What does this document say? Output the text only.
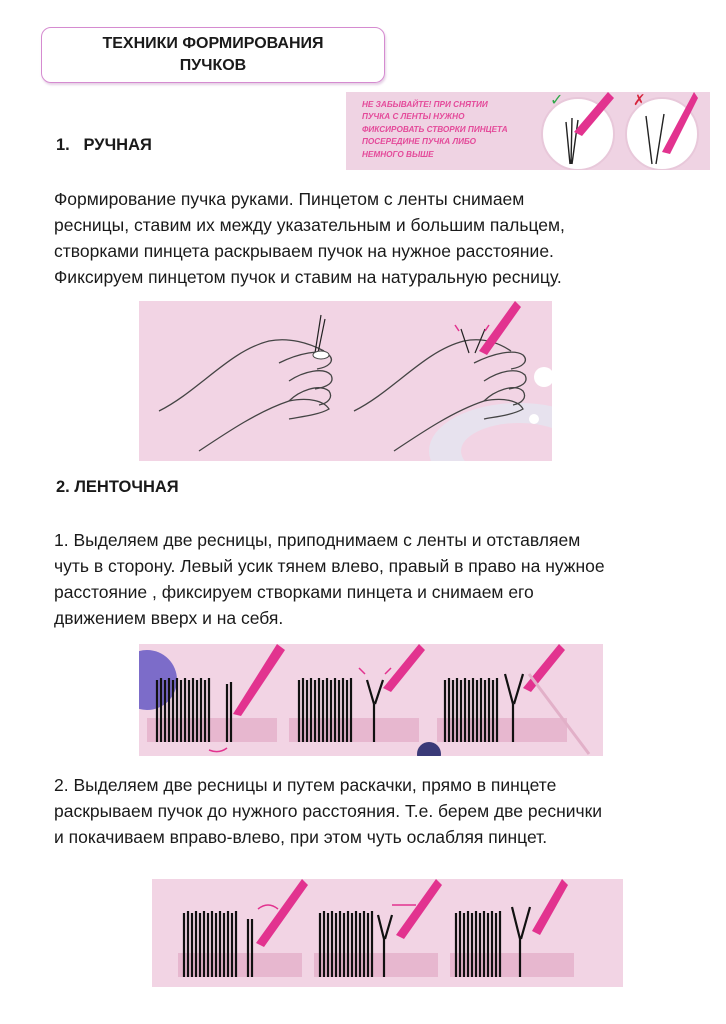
ТЕХНИКИ ФОРМИРОВАНИЯ
ПУЧКОВ
НЕ ЗАБЫВАЙТЕ! ПРИ СНЯТИИ
ПУЧКА С ЛЕНТЫ НУЖНО
ФИКСИРОВАТЬ СТВОРКИ ПИНЦЕТА
ПОСЕРЕДИНЕ ПУЧКА ЛИБО
НЕМНОГО ВЫШЕ
✓	✗
1.   РУЧНАЯ
Формирование пучка руками. Пинцетом с ленты снимаем
ресницы, ставим их между указательным и большим пальцем,
створками пинцета раскрываем пучок на нужное расстояние.
Фиксируем пинцетом пучок и ставим на натуральную ресницу.
2. ЛЕНТОЧНАЯ
1. Выделяем две ресницы, приподнимаем с ленты и отставляем
чуть в сторону. Левый усик тянем влево, правый в право на нужное
расстояние , фиксируем створками пинцета и снимаем его
движением вверх и на себя.
2. Выделяем две ресницы и путем раскачки, прямо в пинцете
раскрываем пучок до нужного расстояния. Т.е. берем две реснички
и покачиваем вправо-влево, при этом чуть ослабляя пинцет.
